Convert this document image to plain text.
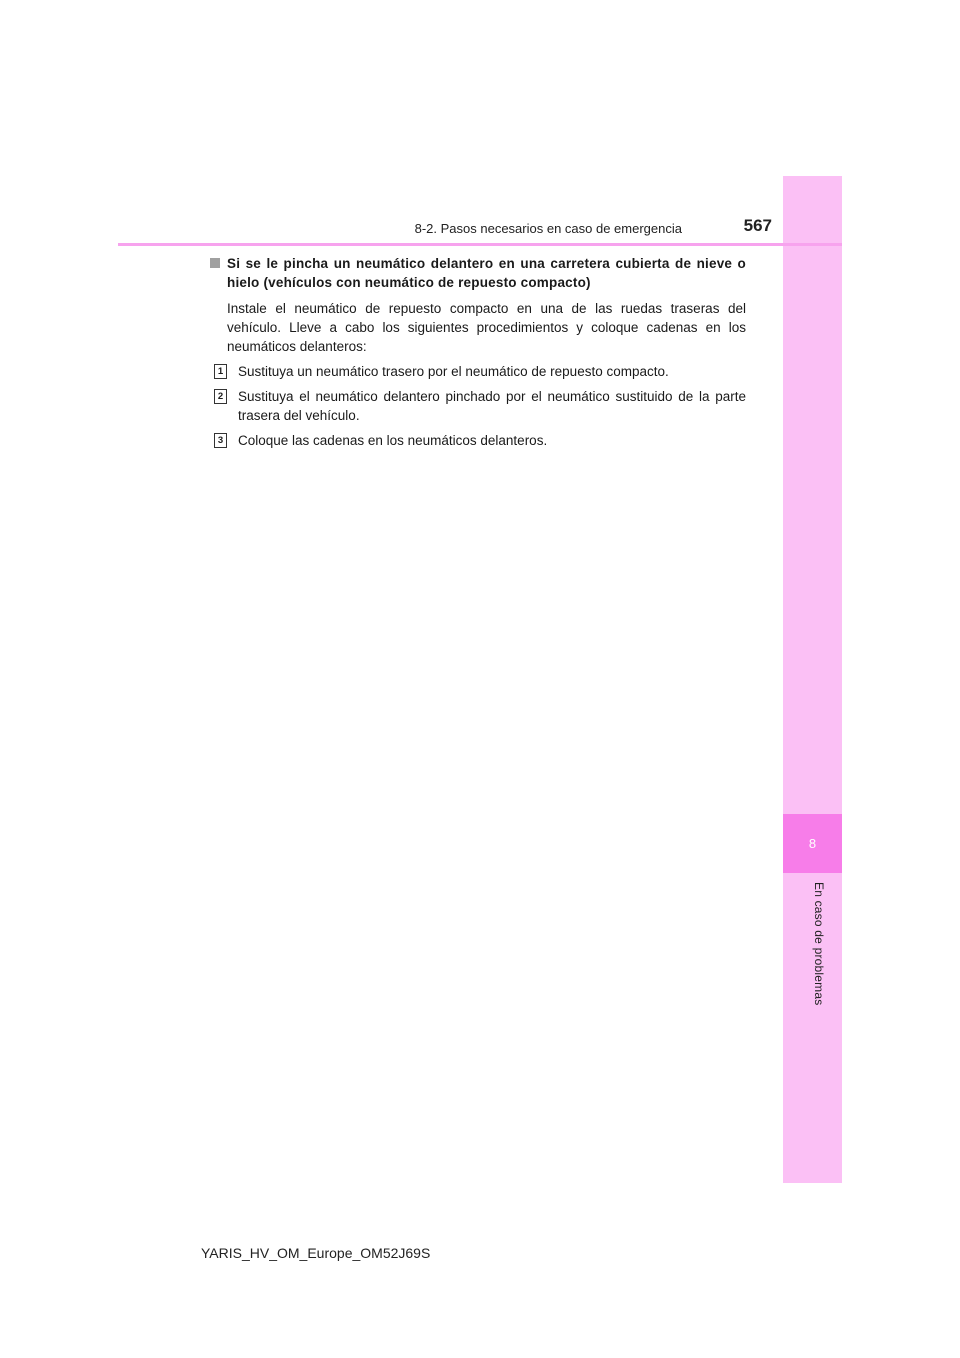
8
En caso de problemas
8-2. Pasos necesarios en caso de emergencia	567
Si se le pincha un neumático delantero en una carretera cubierta de nieve o hielo (vehículos con neumático de repuesto compacto)

Instale el neumático de repuesto compacto en una de las ruedas traseras del vehículo. Lleve a cabo los siguientes procedimientos y coloque cadenas en los neumáticos delanteros:

1 Sustituya un neumático trasero por el neumático de repuesto compacto.
2 Sustituya el neumático delantero pinchado por el neumático sustituido de la parte trasera del vehículo.
3 Coloque las cadenas en los neumáticos delanteros.
YARIS_HV_OM_Europe_OM52J69S
